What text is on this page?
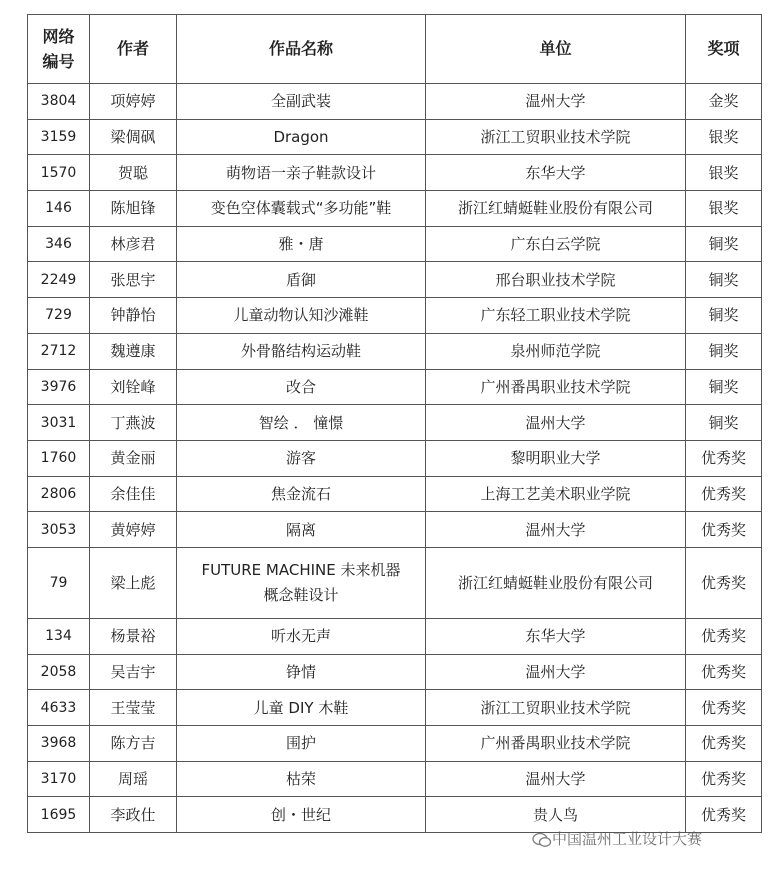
网络
编号	作者	作品名称	单位	奖项
3804	项婷婷	全副武装	温州大学	金奖
3159	梁倜砜	Dragon	浙江工贸职业技术学院	银奖
1570	贺聪	萌物语一亲子鞋款设计	东华大学	银奖
146	陈旭锋	变色空体囊载式“多功能”鞋	浙江红蜻蜓鞋业股份有限公司	银奖
346	林彦君	雅・唐	广东白云学院	铜奖
2249	张思宇	盾御	邢台职业技术学院	铜奖
729	钟静怡	儿童动物认知沙滩鞋	广东轻工职业技术学院	铜奖
2712	魏遵康	外骨骼结构运动鞋	泉州师范学院	铜奖
3976	刘铨峰	改合	广州番禺职业技术学院	铜奖
3031	丁燕波	智绘 ． 憧憬	温州大学	铜奖
1760	黄金丽	游客	黎明职业大学	优秀奖
2806	余佳佳	焦金流石	上海工艺美术职业学院	优秀奖
3053	黄婷婷	隔离	温州大学	优秀奖
79	梁上彪	FUTURE MACHINE 未来机器
概念鞋设计	浙江红蜻蜓鞋业股份有限公司	优秀奖
134	杨景裕	听水无声	东华大学	优秀奖
2058	吴吉宇	铮情	温州大学	优秀奖
4633	王莹莹	儿童 DIY 木鞋	浙江工贸职业技术学院	优秀奖
3968	陈方吉	围护	广州番禺职业技术学院	优秀奖
3170	周瑶	枯荣	温州大学	优秀奖
1695	李政仕	创・世纪	贵人鸟	优秀奖
中国温州工业设计大赛
